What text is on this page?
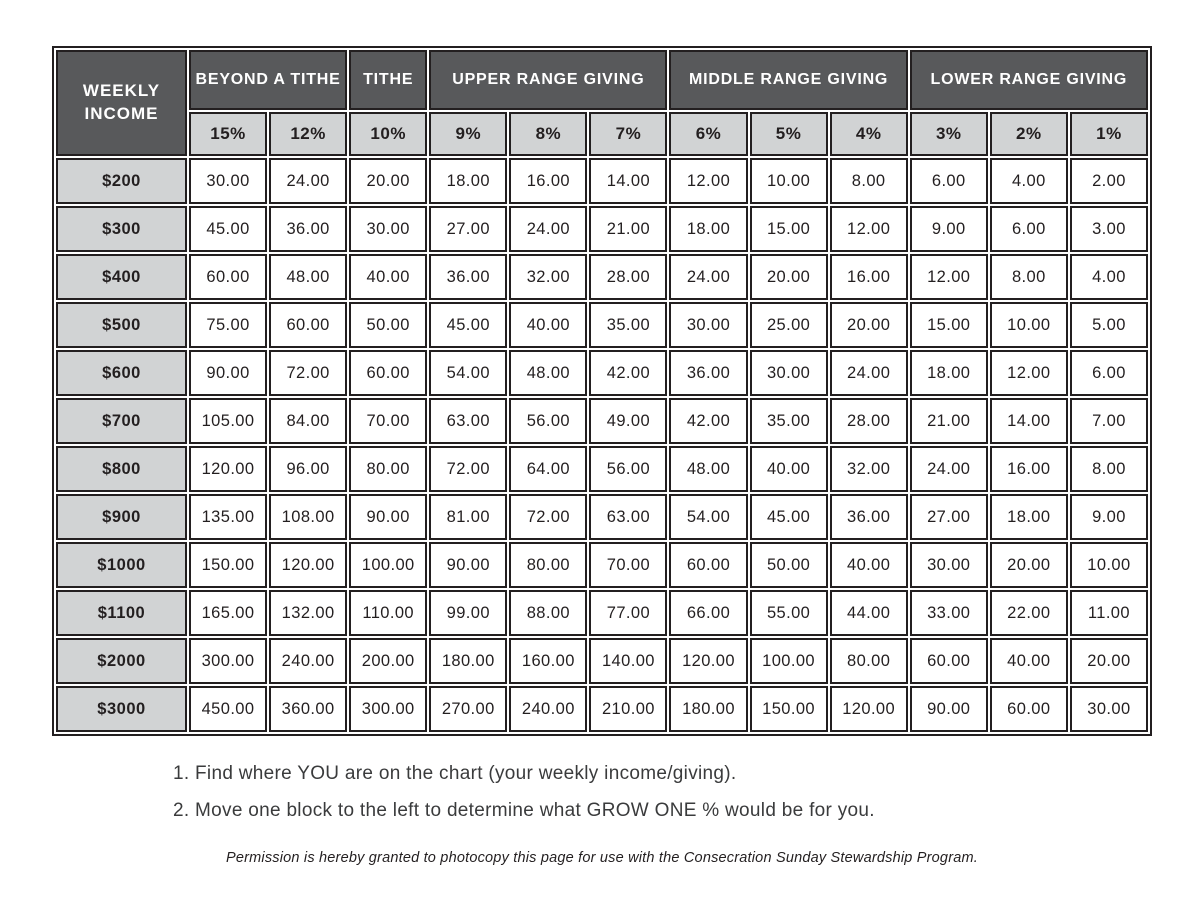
WEEKLY INCOME	BEYOND A TITHE		TITHE	UPPER RANGE GIVING			MIDDLE RANGE GIVING			LOWER RANGE GIVING		
	15%	12%	10%	9%	8%	7%	6%	5%	4%	3%	2%	1%
$200	30.00	24.00	20.00	18.00	16.00	14.00	12.00	10.00	8.00	6.00	4.00	2.00
$300	45.00	36.00	30.00	27.00	24.00	21.00	18.00	15.00	12.00	9.00	6.00	3.00
$400	60.00	48.00	40.00	36.00	32.00	28.00	24.00	20.00	16.00	12.00	8.00	4.00
$500	75.00	60.00	50.00	45.00	40.00	35.00	30.00	25.00	20.00	15.00	10.00	5.00
$600	90.00	72.00	60.00	54.00	48.00	42.00	36.00	30.00	24.00	18.00	12.00	6.00
$700	105.00	84.00	70.00	63.00	56.00	49.00	42.00	35.00	28.00	21.00	14.00	7.00
$800	120.00	96.00	80.00	72.00	64.00	56.00	48.00	40.00	32.00	24.00	16.00	8.00
$900	135.00	108.00	90.00	81.00	72.00	63.00	54.00	45.00	36.00	27.00	18.00	9.00
$1000	150.00	120.00	100.00	90.00	80.00	70.00	60.00	50.00	40.00	30.00	20.00	10.00
$1100	165.00	132.00	110.00	99.00	88.00	77.00	66.00	55.00	44.00	33.00	22.00	11.00
$2000	300.00	240.00	200.00	180.00	160.00	140.00	120.00	100.00	80.00	60.00	40.00	20.00
$3000	450.00	360.00	300.00	270.00	240.00	210.00	180.00	150.00	120.00	90.00	60.00	30.00
1. Find where YOU are on the chart (your weekly income/giving).
2. Move one block to the left to determine what GROW ONE % would be for you.
Permission is hereby granted to photocopy this page for use with the Consecration Sunday Stewardship Program.
